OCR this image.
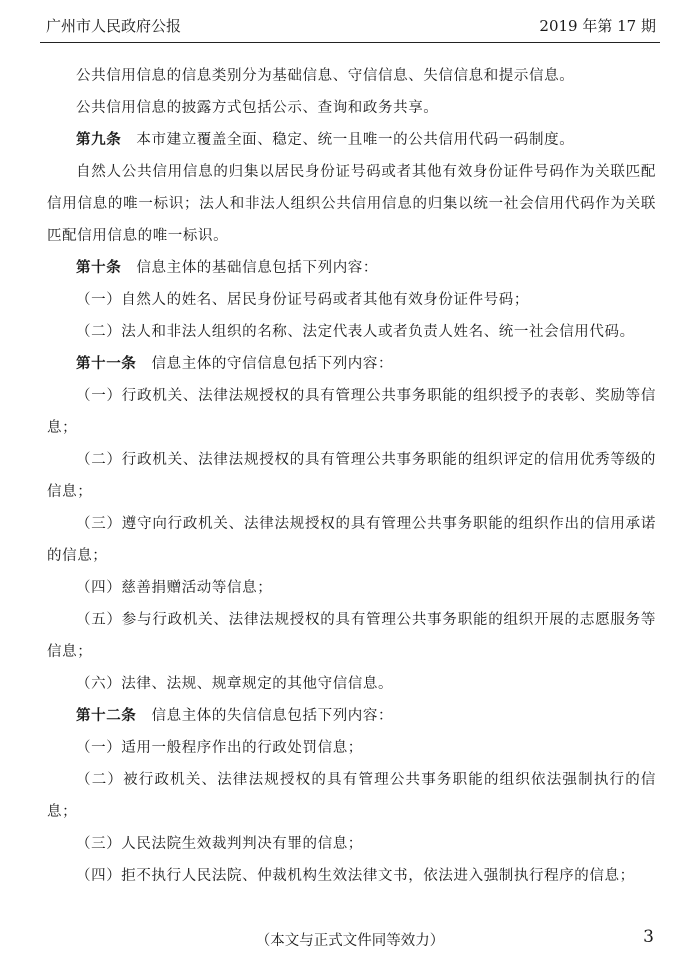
广州市人民政府公报	2019 年第 17 期

公共信用信息的信息类别分为基础信息、守信信息、失信信息和提示信息。

公共信用信息的披露方式包括公示、查询和政务共享。

第九条　本市建立覆盖全面、稳定、统一且唯一的公共信用代码一码制度。

自然人公共信用信息的归集以居民身份证号码或者其他有效身份证件号码作为关联匹配信用信息的唯一标识；法人和非法人组织公共信用信息的归集以统一社会信用代码作为关联匹配信用信息的唯一标识。

第十条　信息主体的基础信息包括下列内容：

（一）自然人的姓名、居民身份证号码或者其他有效身份证件号码；

（二）法人和非法人组织的名称、法定代表人或者负责人姓名、统一社会信用代码。

第十一条　信息主体的守信信息包括下列内容：

（一）行政机关、法律法规授权的具有管理公共事务职能的组织授予的表彰、奖励等信息；

（二）行政机关、法律法规授权的具有管理公共事务职能的组织评定的信用优秀等级的信息；

（三）遵守向行政机关、法律法规授权的具有管理公共事务职能的组织作出的信用承诺的信息；

（四）慈善捐赠活动等信息；

（五）参与行政机关、法律法规授权的具有管理公共事务职能的组织开展的志愿服务等信息；

（六）法律、法规、规章规定的其他守信信息。

第十二条　信息主体的失信信息包括下列内容：

（一）适用一般程序作出的行政处罚信息；

（二）被行政机关、法律法规授权的具有管理公共事务职能的组织依法强制执行的信息；

（三）人民法院生效裁判判决有罪的信息；

（四）拒不执行人民法院、仲裁机构生效法律文书，依法进入强制执行程序的信息；

（本文与正式文件同等效力）	3
